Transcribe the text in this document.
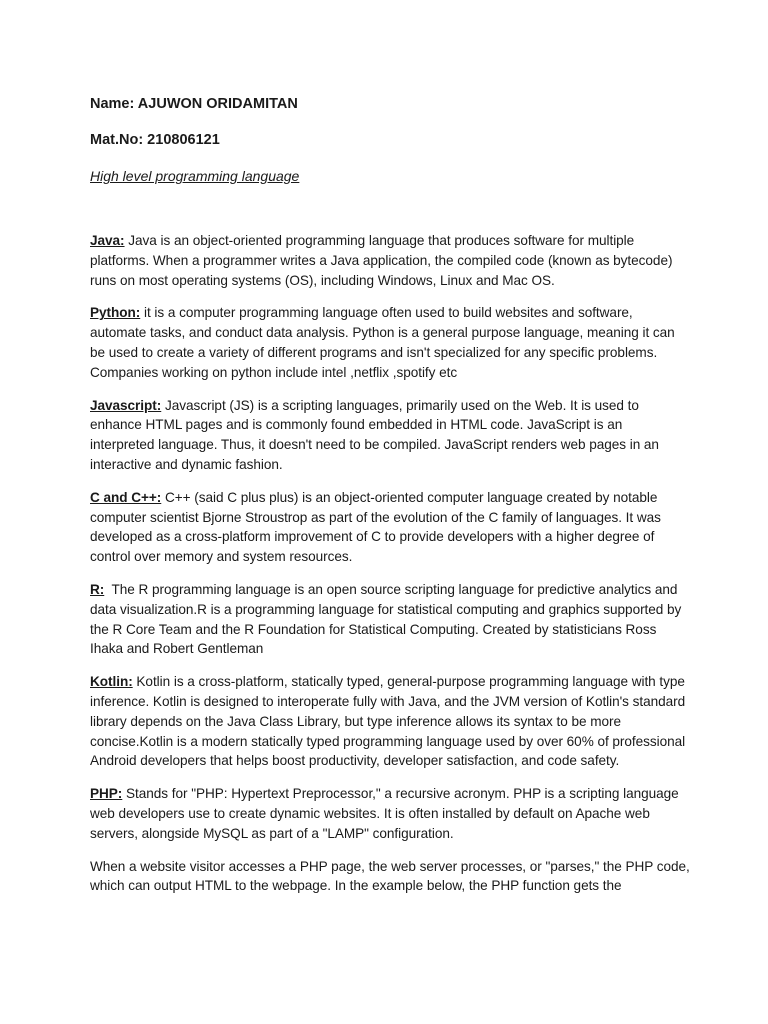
Name: AJUWON ORIDAMITAN

Mat.No: 210806121

High level programming language

Java: Java is an object-oriented programming language that produces software for multiple platforms. When a programmer writes a Java application, the compiled code (known as bytecode) runs on most operating systems (OS), including Windows, Linux and Mac OS.

Python: it is a computer programming language often used to build websites and software, automate tasks, and conduct data analysis. Python is a general purpose language, meaning it can be used to create a variety of different programs and isn't specialized for any specific problems. Companies working on python include intel ,netflix ,spotify etc

Javascript: Javascript (JS) is a scripting languages, primarily used on the Web. It is used to enhance HTML pages and is commonly found embedded in HTML code. JavaScript is an interpreted language. Thus, it doesn't need to be compiled. JavaScript renders web pages in an interactive and dynamic fashion.

C and C++: C++ (said C plus plus) is an object-oriented computer language created by notable computer scientist Bjorne Stroustrop as part of the evolution of the C family of languages. It was developed as a cross-platform improvement of C to provide developers with a higher degree of control over memory and system resources.

R:  The R programming language is an open source scripting language for predictive analytics and data visualization.R is a programming language for statistical computing and graphics supported by the R Core Team and the R Foundation for Statistical Computing. Created by statisticians Ross Ihaka and Robert Gentleman

Kotlin: Kotlin is a cross-platform, statically typed, general-purpose programming language with type inference. Kotlin is designed to interoperate fully with Java, and the JVM version of Kotlin's standard library depends on the Java Class Library, but type inference allows its syntax to be more concise.Kotlin is a modern statically typed programming language used by over 60% of professional Android developers that helps boost productivity, developer satisfaction, and code safety.

PHP: Stands for "PHP: Hypertext Preprocessor," a recursive acronym. PHP is a scripting language web developers use to create dynamic websites. It is often installed by default on Apache web servers, alongside MySQL as part of a "LAMP" configuration.

When a website visitor accesses a PHP page, the web server processes, or "parses," the PHP code, which can output HTML to the webpage. In the example below, the PHP function gets the
